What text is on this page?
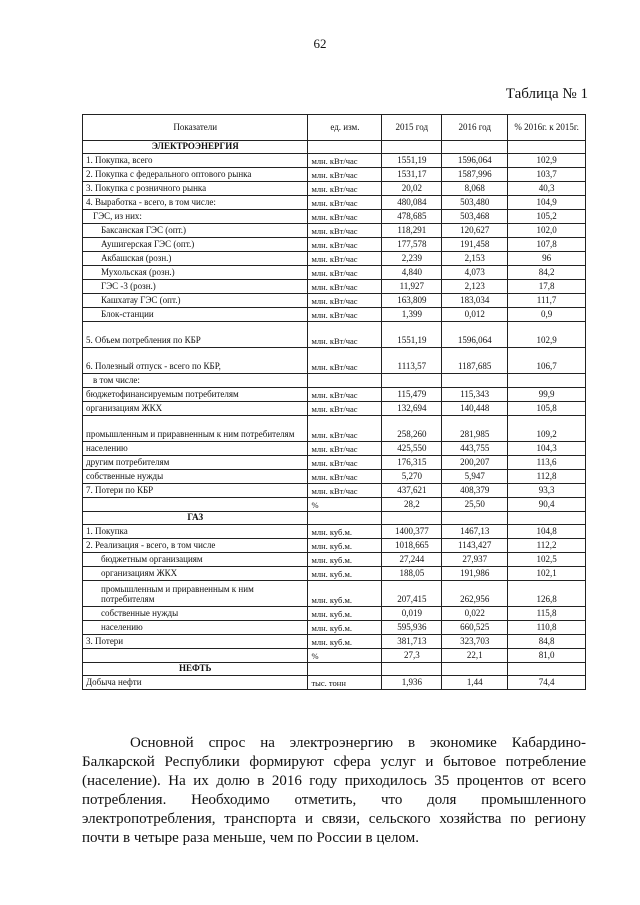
62
Таблица № 1
Показатели	ед. изм.	2015 год	2016 год	% 2016г. к 2015г.
ЭЛЕКТРОЭНЕРГИЯ				
1. Покупка, всего	млн. кВт/час	1551,19	1596,064	102,9
2. Покупка с федерального оптового рынка	млн. кВт/час	1531,17	1587,996	103,7
3. Покупка с розничного рынка	млн. кВт/час	20,02	8,068	40,3
4. Выработка - всего, в том числе:	млн. кВт/час	480,084	503,480	104,9
ГЭС, из них:	млн. кВт/час	478,685	503,468	105,2
Баксанская ГЭС (опт.)	млн. кВт/час	118,291	120,627	102,0
Аушигерская ГЭС (опт.)	млн. кВт/час	177,578	191,458	107,8
Акбашская (розн.)	млн. кВт/час	2,239	2,153	96
Мухольская (розн.)	млн. кВт/час	4,840	4,073	84,2
ГЭС -3 (розн.)	млн. кВт/час	11,927	2,123	17,8
Кашхатау ГЭС (опт.)	млн. кВт/час	163,809	183,034	111,7
Блок-станции	млн. кВт/час	1,399	0,012	0,9
5. Объем потребления по КБР	млн. кВт/час	1551,19	1596,064	102,9
6. Полезный отпуск - всего по КБР,	млн. кВт/час	1113,57	1187,685	106,7
в том числе:				
бюджетофинансируемым потребителям	млн. кВт/час	115,479	115,343	99,9
организациям ЖКХ	млн. кВт/час	132,694	140,448	105,8
промышленным и приравненным к ним потребителям	млн. кВт/час	258,260	281,985	109,2
населению	млн. кВт/час	425,550	443,755	104,3
другим потребителям	млн. кВт/час	176,315	200,207	113,6
собственные нужды	млн. кВт/час	5,270	5,947	112,8
7. Потери по КБР	млн. кВт/час	437,621	408,379	93,3
	%	28,2	25,50	90,4
ГАЗ				
1. Покупка	млн. куб.м.	1400,377	1467,13	104,8
2. Реализация - всего, в том числе	млн. куб.м.	1018,665	1143,427	112,2
бюджетным организациям	млн. куб.м.	27,244	27,937	102,5
организациям ЖКХ	млн. куб.м.	188,05	191,986	102,1
промышленным и приравненным к ним потребителям	млн. куб.м.	207,415	262,956	126,8
собственные нужды	млн. куб.м.	0,019	0,022	115,8
населению	млн. куб.м.	595,936	660,525	110,8
3. Потери	млн. куб.м.	381,713	323,703	84,8
	%	27,3	22,1	81,0
НЕФТЬ				
Добыча нефти	тыс. тонн	1,936	1,44	74,4

Основной спрос на электроэнергию в экономике Кабардино-Балкарской Республики формируют сфера услуг и бытовое потребление (население). На их долю в 2016 году приходилось 35 процентов от всего потребления. Необходимо отметить, что доля промышленного электропотребления, транспорта и связи, сельского хозяйства по региону почти в четыре раза меньше, чем по России в целом.
